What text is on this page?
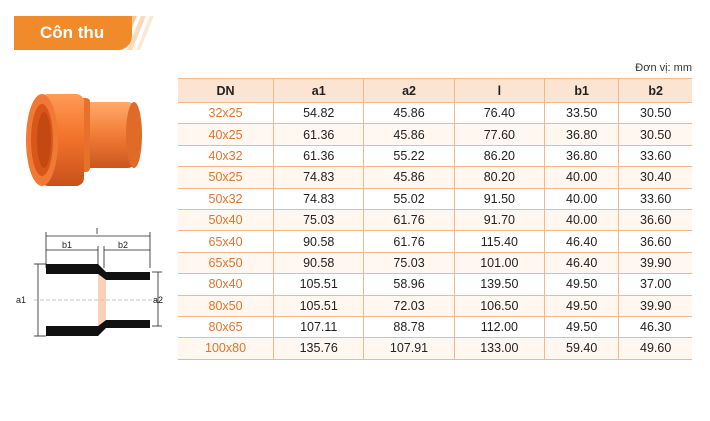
Côn thu
Đơn vị: mm
l
b1	b2
a1	a2
DN	a1	a2	l	b1	b2
32x25	54.82	45.86	76.40	33.50	30.50
40x25	61.36	45.86	77.60	36.80	30.50
40x32	61.36	55.22	86.20	36.80	33.60
50x25	74.83	45.86	80.20	40.00	30.40
50x32	74.83	55.02	91.50	40.00	33.60
50x40	75.03	61.76	91.70	40.00	36.60
65x40	90.58	61.76	115.40	46.40	36.60
65x50	90.58	75.03	101.00	46.40	39.90
80x40	105.51	58.96	139.50	49.50	37.00
80x50	105.51	72.03	106.50	49.50	39.90
80x65	107.11	88.78	112.00	49.50	46.30
100x80	135.76	107.91	133.00	59.40	49.60
